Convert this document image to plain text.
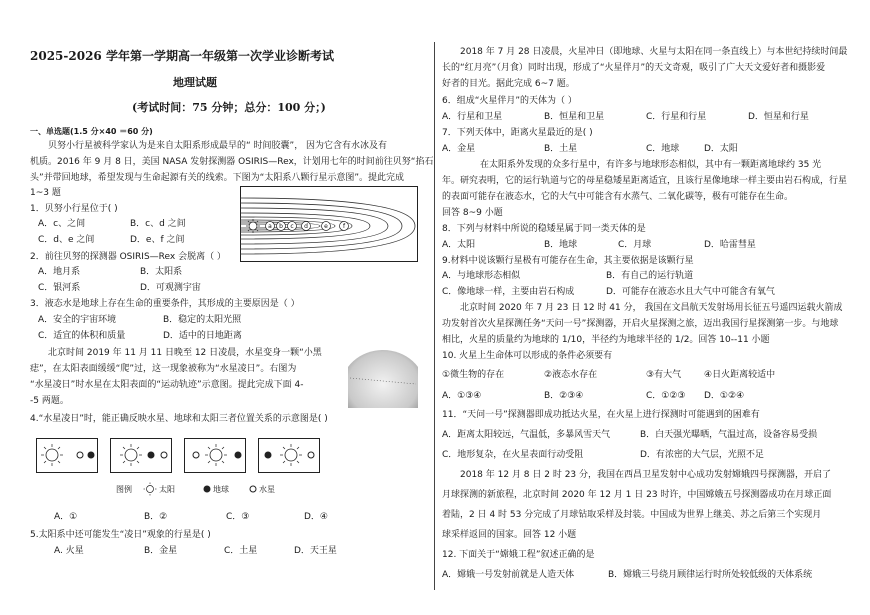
2025-2026 学年第一学期高一年级第一次学业诊断考试
地理试题
(考试时间：75 分钟；总分：100 分；)
一、单选题(1.5 分×40 ＝60 分)
贝努小行星被科学家认为是来自太阳系形成最早的“ 时间胶囊”， 因为它含有水冰及有
机质。2016 年 9 月 8 日，美国 NASA 发射探测器 OSIRIS—Rex，计划用七年的时间前往贝努“掐石
头”并带回地球，希望发现与生命起源有关的线索。下图为“太阳系八颗行星示意图”。提此完成
1~3 题
a b c d	e	f
1．贝努小行星位于( )
A．c、之间	B．c、d 之间
C．d、e 之间	D．e、f 之间
2．前往贝努的探测器 OSIRIS—Rex 会脱离（ ）
A．地月系	B．太阳系
C．银河系	D．可观测宇宙
3．液态水是地球上存在生命的重要条件，其形成的主要原因是（ ）
A．安全的宇宙环境	B．稳定的太阳光照
C．适宜的体积和质量	D．适中的日地距离
北京时间 2019 年 11 月 11 日晚至 12 日凌晨，水星变身一颗“小黑
痣”，在太阳表面缓缓“爬”过，这一现象被称为“水星凌日”。右图为
“水星凌日”时水星在太阳表面的“运动轨迹”示意图。提此完成下面 4-
-5 两题。
4.“水星凌日”时，能正确反映水星、地球和太阳三者位置关系的示意图是( )
图例	太阳	地球	水星
A．①	B．②	C．③	D．④
5.太阳系中还可能发生“凌日”观象的行星是( )
A. 火星	B．金星	C．土星	D．天王星
2018 年 7 月 28 日凌晨，火星冲日（即地球、火星与太阳在同一条直线上）与本世纪持续时间最
长的“红月亮”（月食）同时出现，形成了“火星伴月”的天文奇观，吸引了广大天文爱好者和摄影爱
好者的目光。据此完成 6~7 题。
6．组成“火星伴月”的天体为（ ）
A．行星和卫星	B．恒星和卫星	C．行星和行星	D．恒星和行星
7．下列天体中，距离火星最近的是( )
A．金星	B．土星	C．地球	D．太阳
在太阳系外发现的众多行星中，有许多与地球形态相似，其中有一颗距离地球约 35 光
年。研究表明，它的运行轨道与它的母星稳矮星距离适宜，且该行星像地球一样主要由岩石构成，行星
的表面可能存在液态水，它的大气中可能含有水蒸气、二氧化碳等，极有可能存在生命。
回答 8~9 小题
8．下列与材料中所说的稳矮星属于同一类天体的是
A．太阳	B．地球	C．月球	D．哈雷彗星
9.材料中说该颗行星极有可能存在生命，其主要依据是该颗行星
A．与地球形态相似	B．有自己的运行轨道
C．像地球一样，主要由岩石构成	D．可能存在液态水且大气中可能含有氧气
北京时间 2020 年 7 月 23 日 12 时 41 分， 我国在文昌航天发射场用长征五号遥四运载火箭成
功发射首次火星探测任务“天问一号”探测器，开启火星探测之旅，迈出我国行星探测第一步。与地球
相比，火星的质量约为地球的 1/10，半径约为地球半径的 1/2。回答 10--11 小题
10. 火星上生命体可以形成的条件必须要有
①微生物的存在	②液态水存在	③有大气	④日火距离较适中
A．①③④	B．②③④	C．①②③ D．①②④
11．“天问一号”探测器即成功抵达火星，在火星上进行探测时可能遇到的困难有
A．距离太阳较远，气温低，多暴风雪天气	B．白天强光曝晒，气温过高，设备容易受损
C．地形复杂，在火星表面行动受阻	D．有浓密的大气层，光照不足
2018 年 12 月 8 日 2 时 23 分，我国在西昌卫星发射中心成功发射嫦娥四号探测器，开启了
月球探测的新旅程，北京时间 2020 年 12 月 1 日 23 时许，中国嫦娥五号探测器成功在月球正面
着陆，2 日 4 时 53 分完成了月球钻取采样及封装。中国成为世界上继美、苏之后第三个实现月
球采样返回的国家。回答 12 小题
12. 下面关于“嫦娥工程”叙述正确的是
A．嫦娥一号发射前就是人造天体	B．嫦娥三号绕月顾律运行时所处较低级的天体系统
